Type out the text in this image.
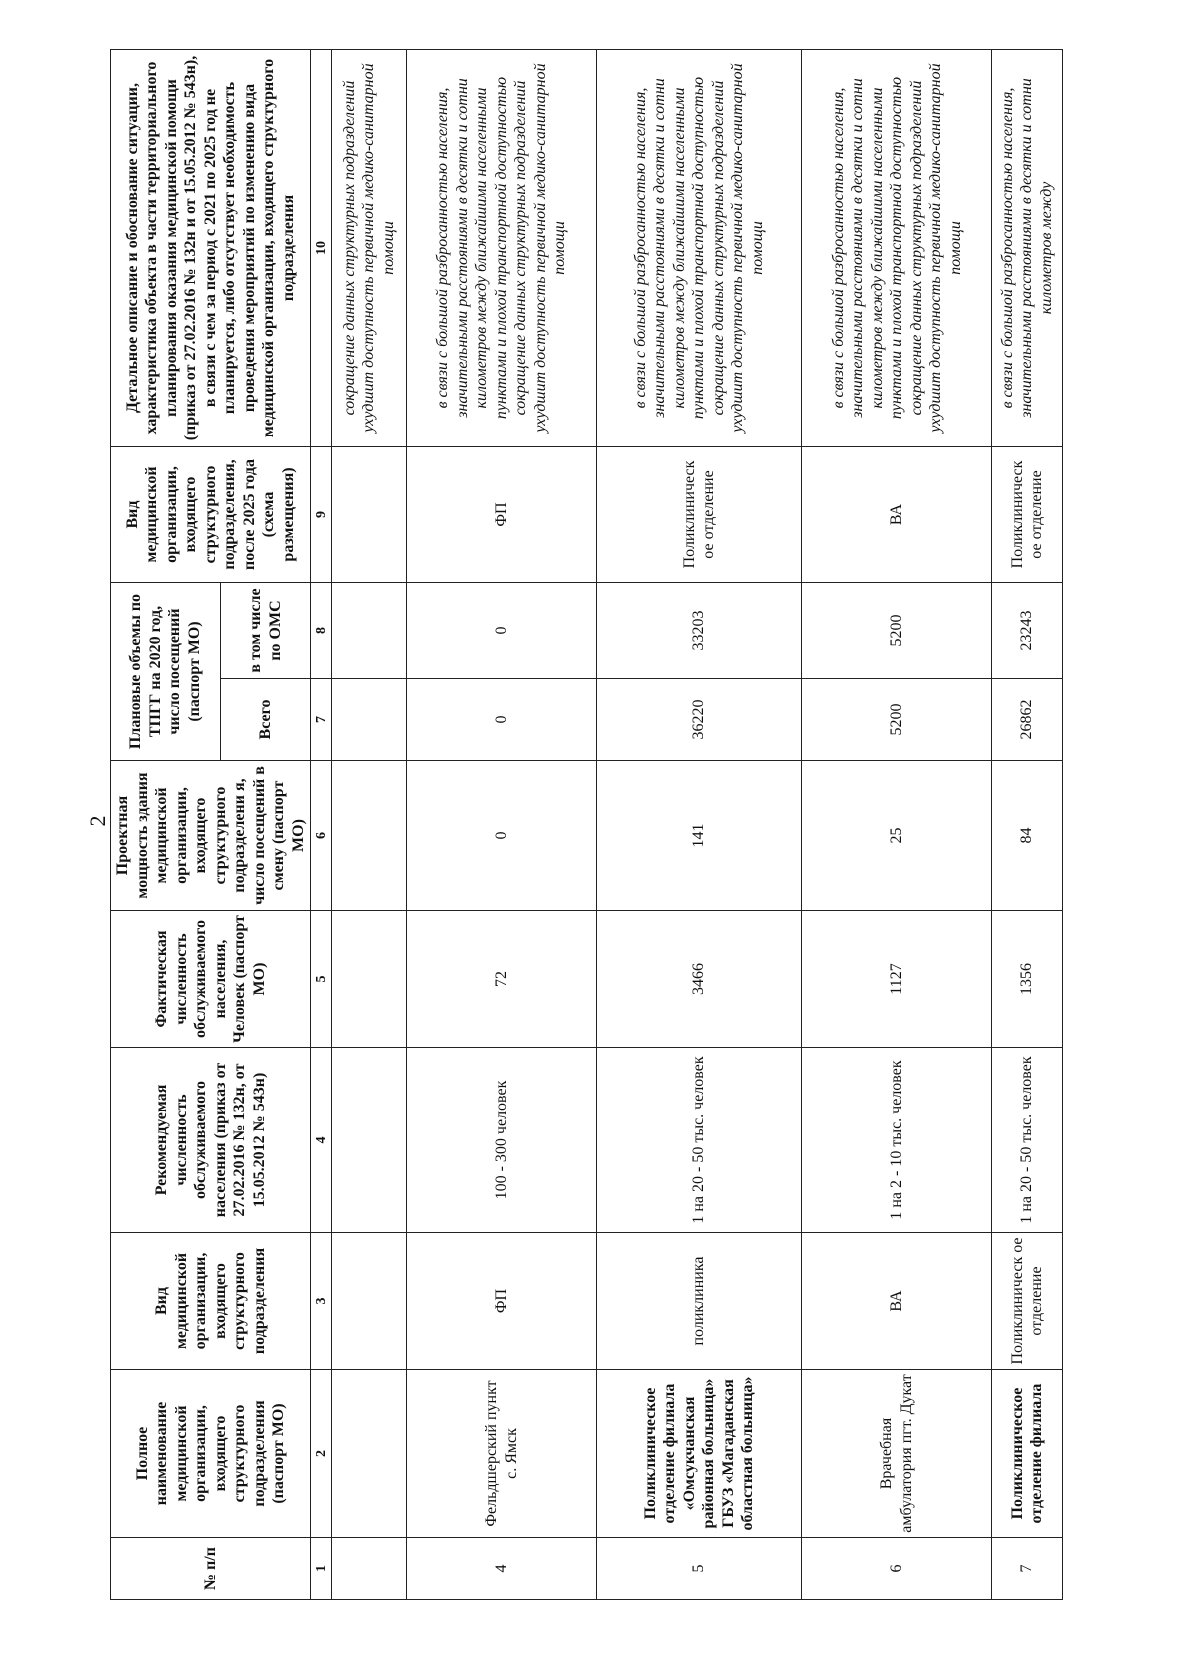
2
№ п/п	Полное наименование медицинской организации, входящего структурного подразделения (паспорт МО)	Вид медицинской организации, входящего структурного подразделения	Рекомендуемая численность обслуживаемого населения (приказ от 27.02.2016 № 132н, от 15.05.2012 № 543н)	Фактическая численность обслуживаемого населения, Человек (паспорт МО)	Проектная мощность здания медицинской организации, входящего структурного подразделени я, число посещений в смену (паспорт МО)	Плановые объемы по ТПГГ на 2020 год, число посещений (паспорт МО)		Вид медицинской организации, входящего структурного подразделения, после 2025 года (схема размещения)	Детальное описание и обоснование ситуации, характеристика объекта в части территориального планирования оказания медицинской помощи (приказ от 27.02.2016 № 132н и от 15.05.2012 № 543н), в связи с чем за период с 2021 по 2025 год не планируется, либо отсутствует необходимость проведения мероприятий по изменению вида медицинской организации, входящего структурного подразделения
						Всего	в том числе по ОМС		
1	2	3	4	5	6	7	8	9	10
									сокращение данных структурных подразделений ухудшит доступность первичной медико-санитарной помощи
4	Фельдшерский пункт с. Ямск	ФП	100 - 300 человек	72	0	0	0	ФП	в связи с большой разбросанностью населения, значительными расстояниями в десятки и сотни километров между ближайшими населенными пунктами и плохой транспортной доступностью сокращение данных структурных подразделений ухудшит доступность первичной медико-санитарной помощи
5	Поликлиническое отделение филиала «Омсукчанская районная больница» ГБУЗ «Магаданская областная больница»	поликлиника	1 на 20 - 50 тыс. человек	3466	141	36220	33203	Поликлиническ ое отделение	в связи с большой разбросанностью населения, значительными расстояниями в десятки и сотни километров между ближайшими населенными пунктами и плохой транспортной доступностью сокращение данных структурных подразделений ухудшит доступность первичной медико-санитарной помощи
6	Врачебная амбулатория пгт. Дукат	ВА	1 на 2 - 10 тыс. человек	1127	25	5200	5200	ВА	в связи с большой разбросанностью населения, значительными расстояниями в десятки и сотни километров между ближайшими населенными пунктами и плохой транспортной доступностью сокращение данных структурных подразделений ухудшит доступность первичной медико-санитарной помощи
7	Поликлиническое отделение филиала	Поликлиническ ое отделение	1 на 20 - 50 тыс. человек	1356	84	26862	23243	Поликлиническ ое отделение	в связи с большой разбросанностью населения, значительными расстояниями в десятки и сотни километров между
